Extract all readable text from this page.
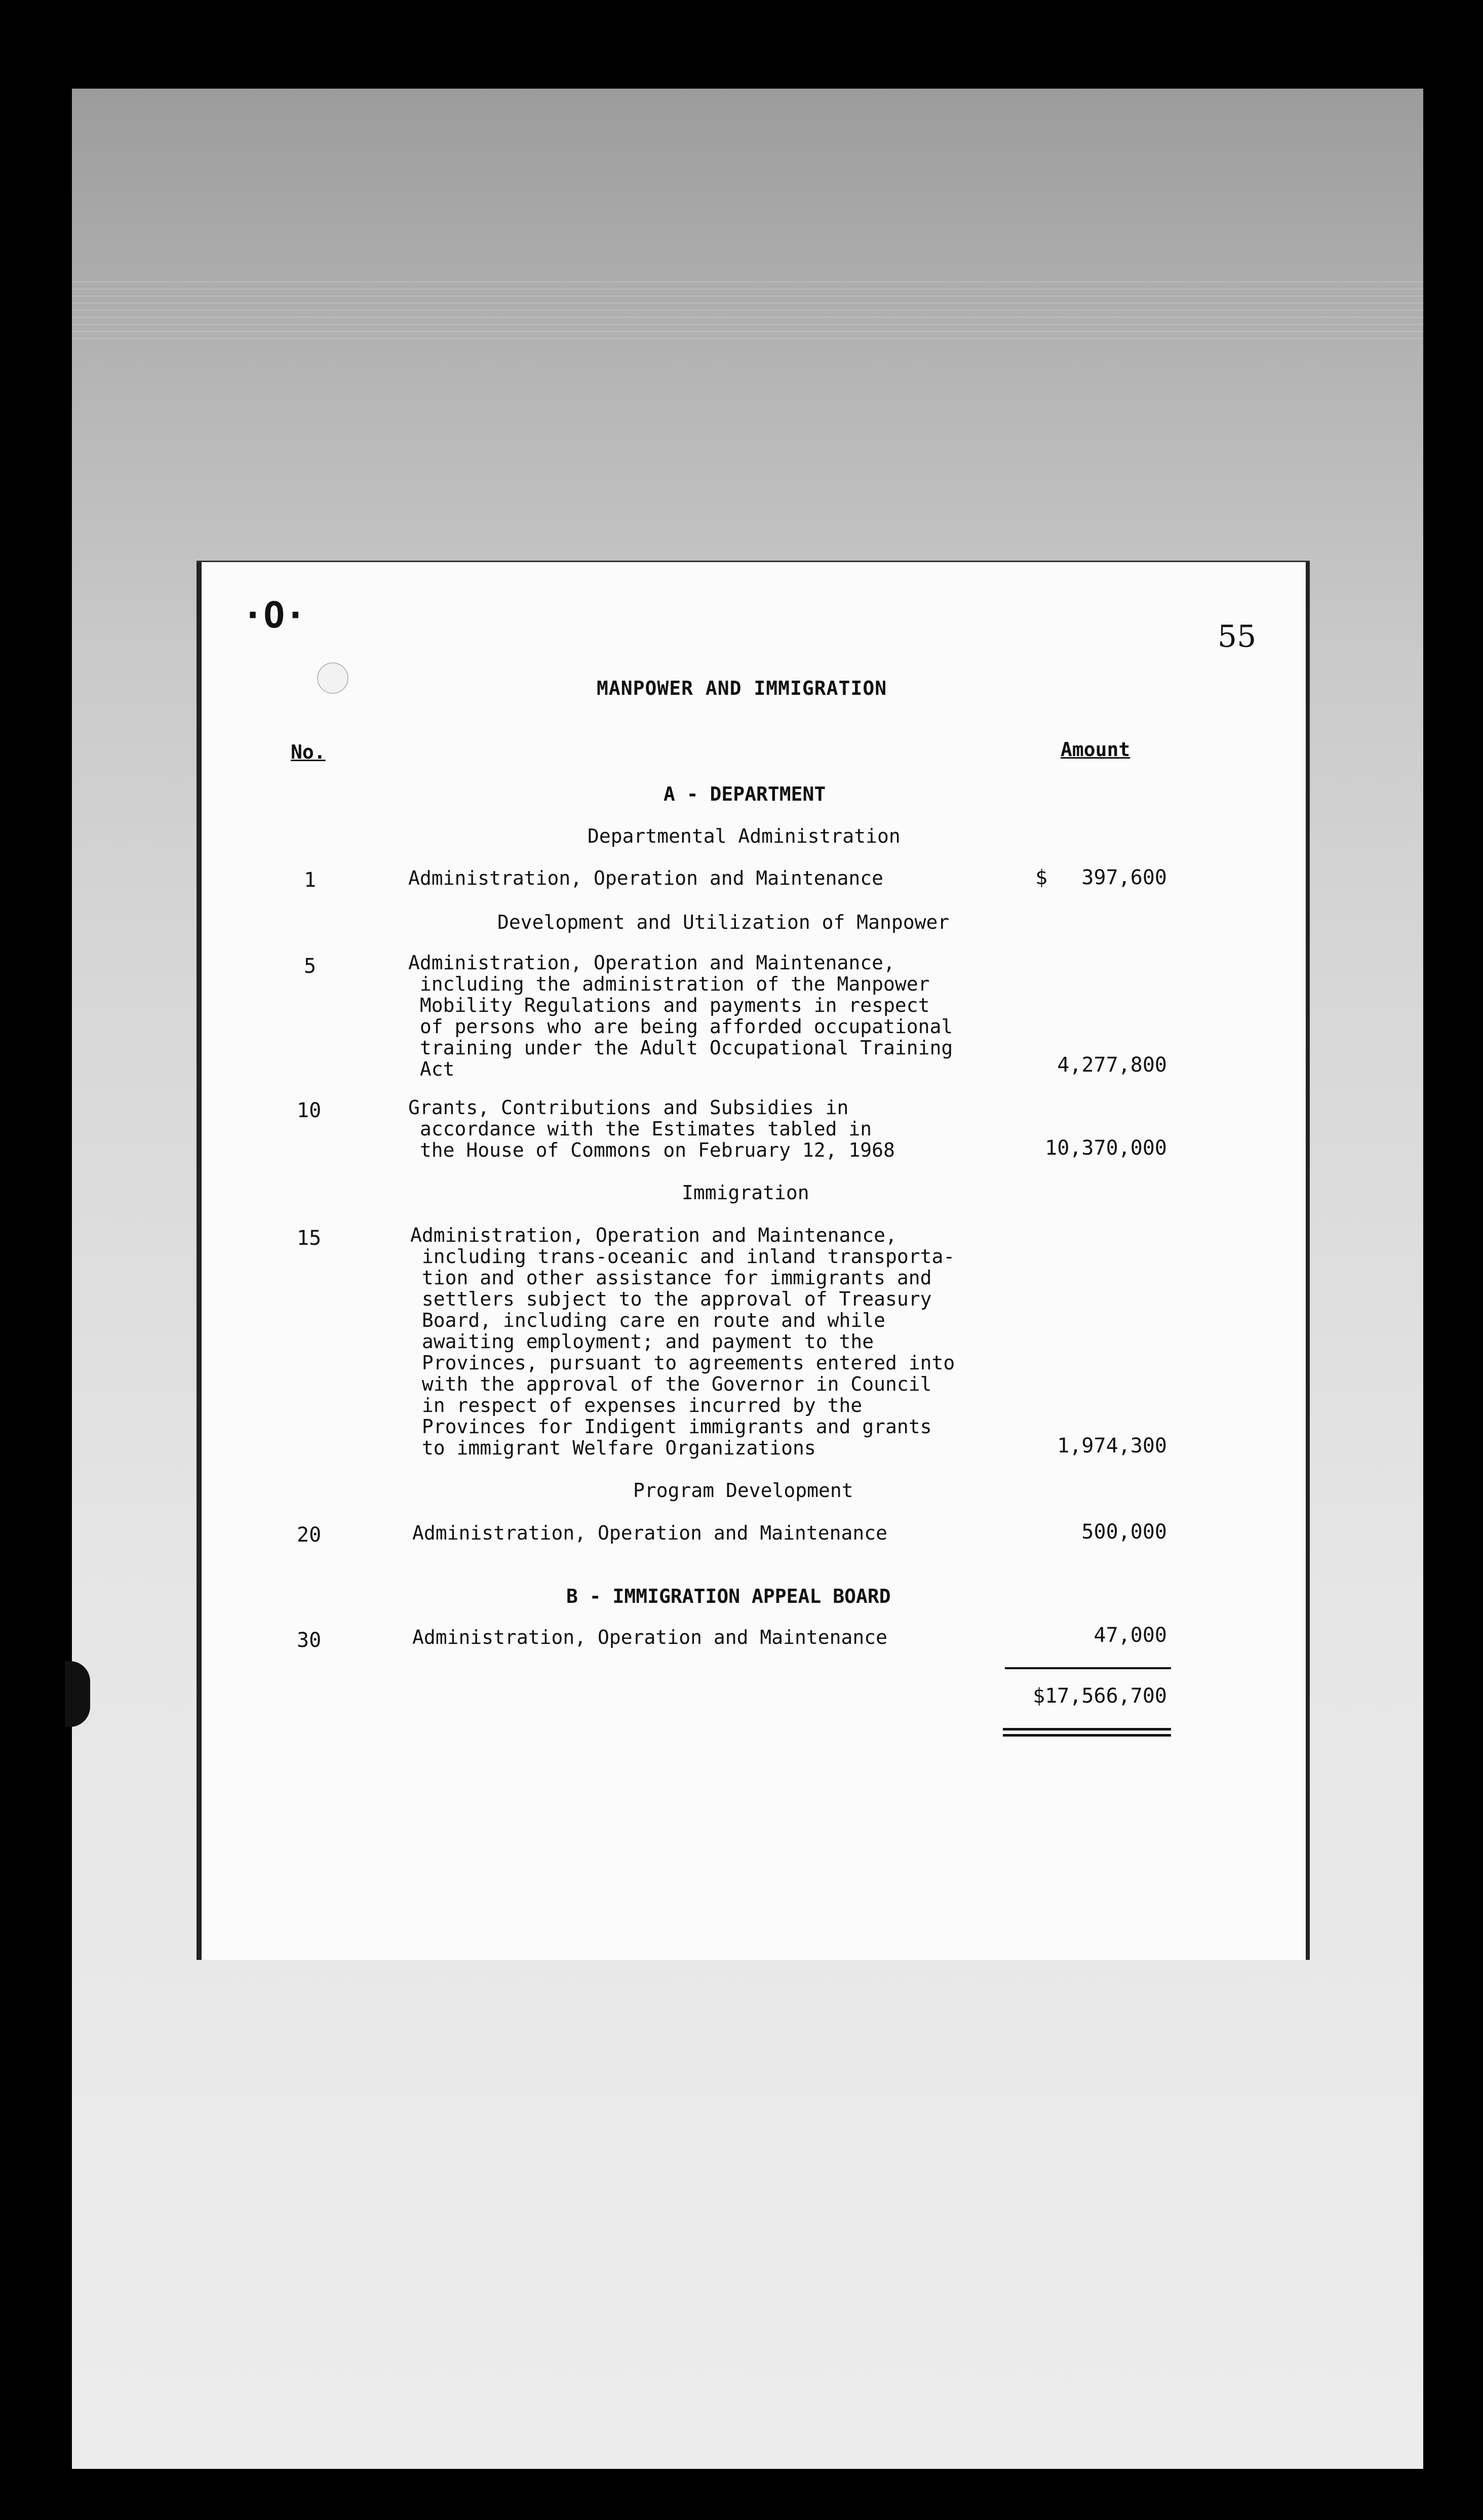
·O·
55
MANPOWER AND IMMIGRATION
No.	Amount
A - DEPARTMENT
Departmental Administration
1	Administration, Operation and Maintenance	$	397,600
Development and Utilization of Manpower
5	Administration, Operation and Maintenance,
including the administration of the Manpower
Mobility Regulations and payments in respect
of persons who are being afforded occupational
training under the Adult Occupational Training
Act	4,277,800
10	Grants, Contributions and Subsidies in
accordance with the Estimates tabled in
the House of Commons on February 12, 1968	10,370,000
Immigration
15	Administration, Operation and Maintenance,
including trans-oceanic and inland transporta-
tion and other assistance for immigrants and
settlers subject to the approval of Treasury
Board, including care en route and while
awaiting employment; and payment to the
Provinces, pursuant to agreements entered into
with the approval of the Governor in Council
in respect of expenses incurred by the
Provinces for Indigent immigrants and grants
to immigrant Welfare Organizations	1,974,300
Program Development
20	Administration, Operation and Maintenance	500,000
B - IMMIGRATION APPEAL BOARD
30	Administration, Operation and Maintenance	47,000
$17,566,700
